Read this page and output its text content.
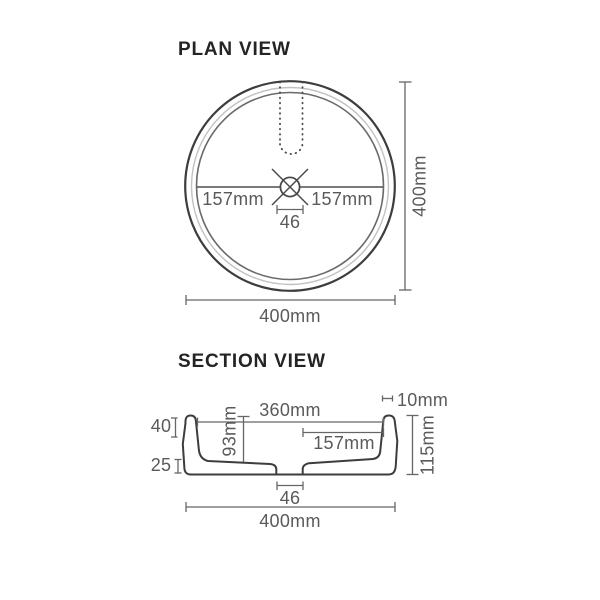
PLAN VIEW
157mm	157mm
46
400mm
400mm
SECTION VIEW
10mm
360mm
157mm
93mm
40
25	115mm
46
400mm
